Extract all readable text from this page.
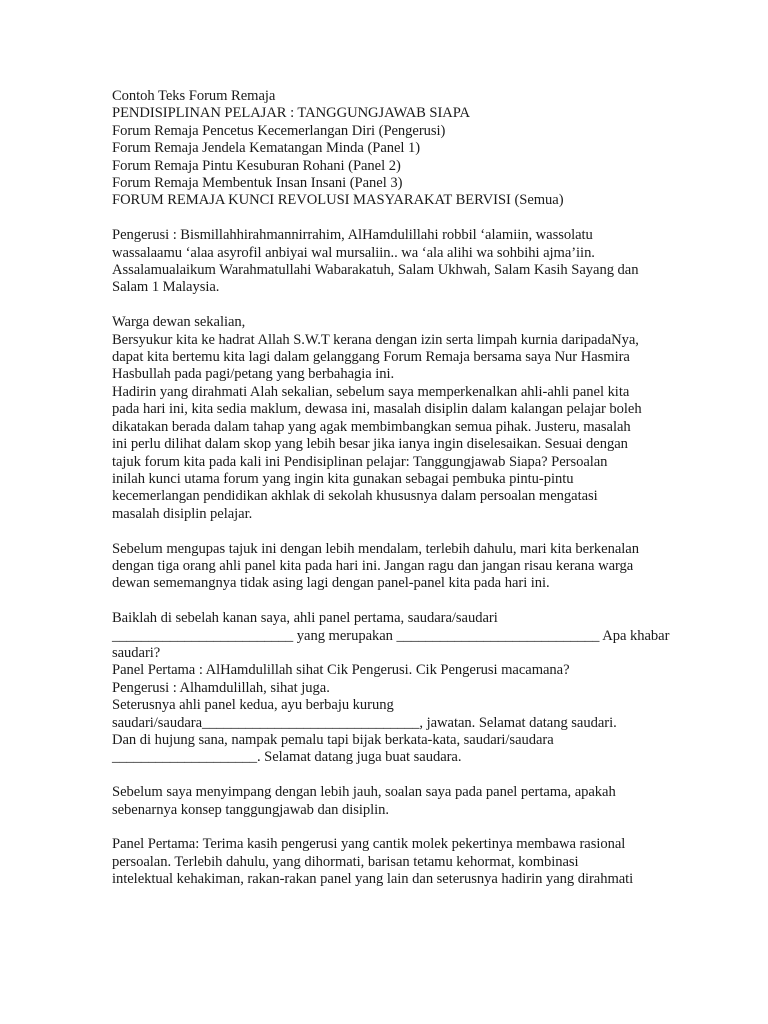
Contoh Teks Forum Remaja
PENDISIPLINAN PELAJAR : TANGGUNGJAWAB SIAPA
Forum Remaja Pencetus Kecemerlangan Diri (Pengerusi)
Forum Remaja Jendela Kematangan Minda (Panel 1)
Forum Remaja Pintu Kesuburan Rohani (Panel 2)
Forum Remaja Membentuk Insan Insani (Panel 3)
FORUM REMAJA KUNCI REVOLUSI MASYARAKAT BERVISI (Semua)
Pengerusi : Bismillahhirahmannirrahim, AlHamdulillahi robbil ‘alamiin, wassolatu
wassalaamu ‘alaa asyrofil anbiyai wal mursaliin.. wa ‘ala alihi wa sohbihi ajma’iin.
Assalamualaikum Warahmatullahi Wabarakatuh, Salam Ukhwah, Salam Kasih Sayang dan
Salam 1 Malaysia.
Warga dewan sekalian,
Bersyukur kita ke hadrat Allah S.W.T kerana dengan izin serta limpah kurnia daripadaNya,
dapat kita bertemu kita lagi dalam gelanggang Forum Remaja bersama saya Nur Hasmira
Hasbullah pada pagi/petang yang berbahagia ini.
Hadirin yang dirahmati Alah sekalian, sebelum saya memperkenalkan ahli-ahli panel kita
pada hari ini, kita sedia maklum, dewasa ini, masalah disiplin dalam kalangan pelajar boleh
dikatakan berada dalam tahap yang agak membimbangkan semua pihak. Justeru, masalah
ini perlu dilihat dalam skop yang lebih besar jika ianya ingin diselesaikan. Sesuai dengan
tajuk forum kita pada kali ini Pendisiplinan pelajar: Tanggungjawab Siapa? Persoalan
inilah kunci utama forum yang ingin kita gunakan sebagai pembuka pintu-pintu
kecemerlangan pendidikan akhlak di sekolah khususnya dalam persoalan mengatasi
masalah disiplin pelajar.
Sebelum mengupas tajuk ini dengan lebih mendalam, terlebih dahulu, mari kita berkenalan
dengan tiga orang ahli panel kita pada hari ini. Jangan ragu dan jangan risau kerana warga
dewan sememangnya tidak asing lagi dengan panel-panel kita pada hari ini.
Baiklah di sebelah kanan saya, ahli panel pertama, saudara/saudari
_________________________ yang merupakan ____________________________ Apa khabar
saudari?
Panel Pertama : AlHamdulillah sihat Cik Pengerusi. Cik Pengerusi macamana?
Pengerusi : Alhamdulillah, sihat juga.
Seterusnya ahli panel kedua, ayu berbaju kurung
saudari/saudara______________________________, jawatan. Selamat datang saudari.
Dan di hujung sana, nampak pemalu tapi bijak berkata-kata, saudari/saudara
____________________. Selamat datang juga buat saudara.
Sebelum saya menyimpang dengan lebih jauh, soalan saya pada panel pertama, apakah
sebenarnya konsep tanggungjawab dan disiplin.
Panel Pertama: Terima kasih pengerusi yang cantik molek pekertinya membawa rasional
persoalan. Terlebih dahulu, yang dihormati, barisan tetamu kehormat, kombinasi
intelektual kehakiman, rakan-rakan panel yang lain dan seterusnya hadirin yang dirahmati
